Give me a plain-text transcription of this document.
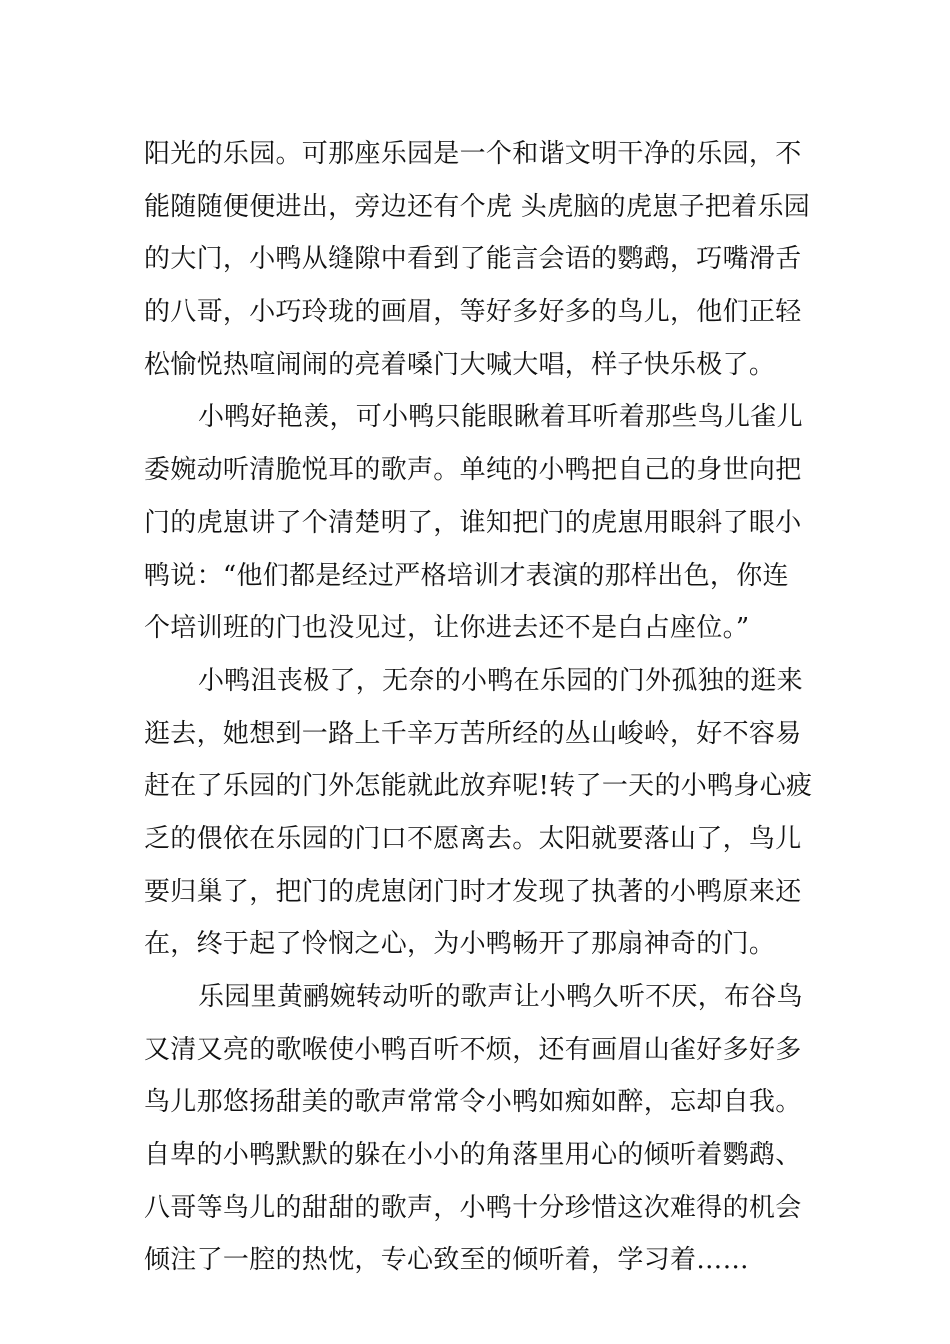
阳光的乐园。可那座乐园是一个和谐文明干净的乐园，不
能随随便便进出，旁边还有个虎 头虎脑的虎崽子把着乐园
的大门，小鸭从缝隙中看到了能言会语的鹦鹉，巧嘴滑舌
的八哥，小巧玲珑的画眉，等好多好多的鸟儿，他们正轻
松愉悦热喧闹闹的亮着嗓门大喊大唱，样子快乐极了。
小鸭好艳羡，可小鸭只能眼瞅着耳听着那些鸟儿雀儿
委婉动听清脆悦耳的歌声。单纯的小鸭把自己的身世向把
门的虎崽讲了个清楚明了，谁知把门的虎崽用眼斜了眼小
鸭说：“他们都是经过严格培训才表演的那样出色，你连
个培训班的门也没见过，让你进去还不是白占座位。”
小鸭沮丧极了，无奈的小鸭在乐园的门外孤独的逛来
逛去，她想到一路上千辛万苦所经的丛山峻岭，好不容易
赶在了乐园的门外怎能就此放弃呢!转了一天的小鸭身心疲
乏的偎依在乐园的门口不愿离去。太阳就要落山了，鸟儿
要归巢了，把门的虎崽闭门时才发现了执著的小鸭原来还
在，终于起了怜悯之心，为小鸭畅开了那扇神奇的门。
乐园里黄鹂婉转动听的歌声让小鸭久听不厌，布谷鸟
又清又亮的歌喉使小鸭百听不烦，还有画眉山雀好多好多
鸟儿那悠扬甜美的歌声常常令小鸭如痴如醉，忘却自我。
自卑的小鸭默默的躲在小小的角落里用心的倾听着鹦鹉、
八哥等鸟儿的甜甜的歌声，小鸭十分珍惜这次难得的机会
倾注了一腔的热忱，专心致至的倾听着，学习着……
